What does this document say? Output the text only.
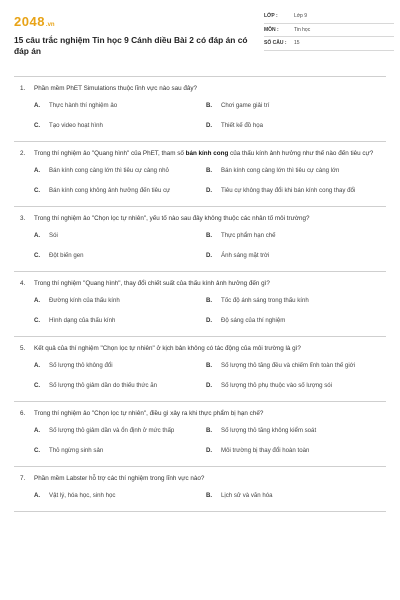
2048 .vn
15 câu trắc nghiệm Tin học 9 Cánh diều Bài 2 có đáp án có đáp án
LỚP :	Lớp 9
MÔN :	Tin học
SỐ CÂU :	15
1.	Phần mềm PhET Simulations thuộc lĩnh vực nào sau đây?
A.	Thực hành thí nghiệm ảo	B.	Chơi game giải trí
C.	Tạo video hoạt hình	D.	Thiết kế đồ họa
2.	Trong thí nghiệm ảo "Quang hình" của PhET, tham số bán kính cong của thấu kính ảnh hưởng như thế nào đến tiêu cự?
A.	Bán kính cong càng lớn thì tiêu cự càng nhỏ	B.	Bán kính cong càng lớn thì tiêu cự càng lớn
C.	Bán kính cong không ảnh hưởng đến tiêu cự	D.	Tiêu cự không thay đổi khi bán kính cong thay đổi
3.	Trong thí nghiệm ảo "Chọn lọc tự nhiên", yếu tố nào sau đây không thuộc các nhân tố môi trường?
A.	Sói	B.	Thực phẩm hạn chế
C.	Đột biến gen	D.	Ánh sáng mặt trời
4.	Trong thí nghiệm "Quang hình", thay đổi chiết suất của thấu kính ảnh hưởng đến gì?
A.	Đường kính của thấu kính	B.	Tốc độ ánh sáng trong thấu kính
C.	Hình dạng của thấu kính	D.	Độ sáng của thí nghiệm
5.	Kết quả của thí nghiệm "Chọn lọc tự nhiên" ở kịch bản không có tác động của môi trường là gì?
A.	Số lượng thỏ không đổi	B.	Số lượng thỏ tăng đều và chiếm lĩnh toàn thế giới
C.	Số lượng thỏ giảm dần do thiếu thức ăn	D.	Số lượng thỏ phụ thuộc vào số lượng sói
6.	Trong thí nghiệm ảo "Chọn lọc tự nhiên", điều gì xảy ra khi thực phẩm bị hạn chế?
A.	Số lượng thỏ giảm dần và ổn định ở mức thấp	B.	Số lượng thỏ tăng không kiểm soát
C.	Thỏ ngừng sinh sản	D.	Môi trường bị thay đổi hoàn toàn
7.	Phần mềm Labster hỗ trợ các thí nghiệm trong lĩnh vực nào?
A.	Vật lý, hóa học, sinh học	B.	Lịch sử và văn hóa
